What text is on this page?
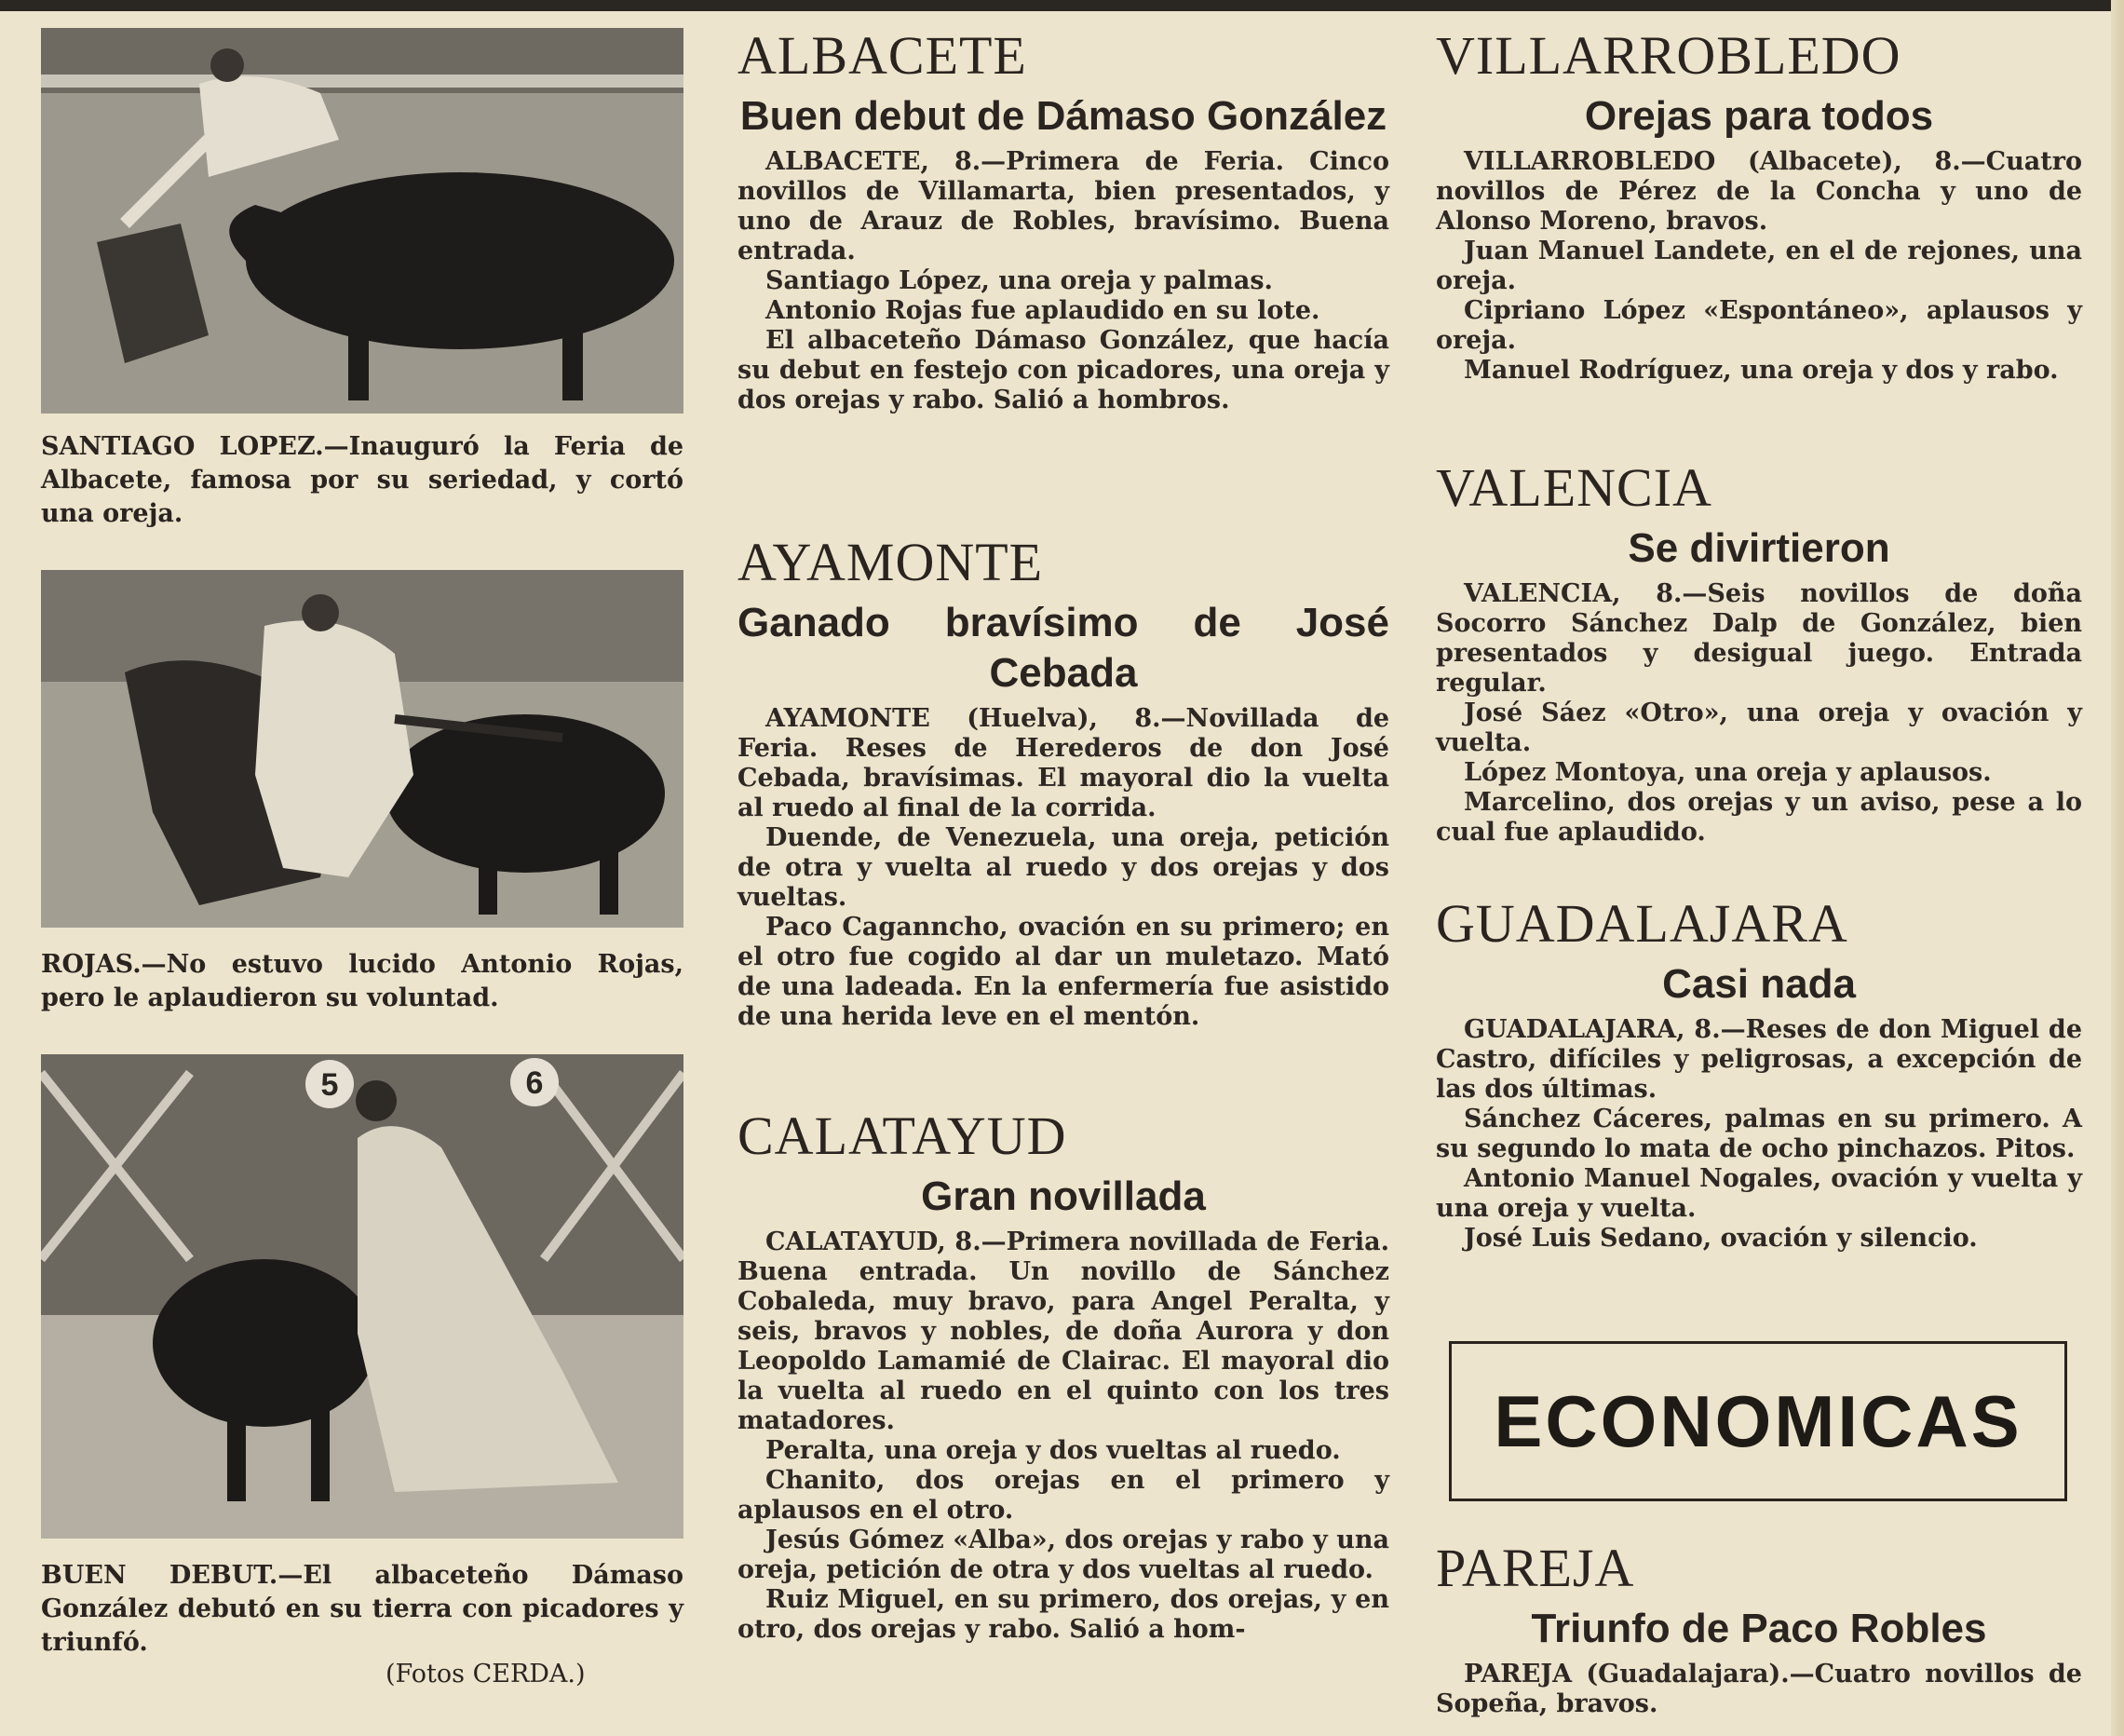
SANTIAGO LOPEZ.—Inauguró la Feria de Albacete, famosa por su seriedad, y cortó una oreja.
ROJAS.—No estuvo lucido Antonio Rojas, pero le aplaudieron su voluntad.
5	6
BUEN DEBUT.—El albaceteño Dámaso González debutó en su tierra con picadores y triunfó.
(Fotos CERDA.)
ALBACETE
Buen debut de Dámaso González

ALBACETE, 8.—Primera de Feria. Cinco novillos de Villamarta, bien presentados, y uno de Arauz de Robles, bravísimo. Buena entrada.

Santiago López, una oreja y palmas.

Antonio Rojas fue aplaudido en su lote.

El albaceteño Dámaso González, que hacía su debut en festejo con picadores, una oreja y dos orejas y rabo. Salió a hombros.

AYAMONTE
Ganado bravísimo de José Cebada

AYAMONTE (Huelva), 8.—Novillada de Feria. Reses de Herederos de don José Cebada, bravísimas. El mayoral dio la vuelta al ruedo al final de la corrida.

Duende, de Venezuela, una oreja, petición de otra y vuelta al ruedo y dos orejas y dos vueltas.

Paco Caganncho, ovación en su primero; en el otro fue cogido al dar un muletazo. Mató de una ladeada. En la enfermería fue asistido de una herida leve en el mentón.

CALATAYUD
Gran novillada

CALATAYUD, 8.—Primera novillada de Feria. Buena entrada. Un novillo de Sánchez Cobaleda, muy bravo, para Angel Peralta, y seis, bravos y nobles, de doña Aurora y don Leopoldo Lamamié de Clairac. El mayoral dio la vuelta al ruedo en el quinto con los tres matadores.

Peralta, una oreja y dos vueltas al ruedo.

Chanito, dos orejas en el primero y aplausos en el otro.

Jesús Gómez «Alba», dos orejas y rabo y una oreja, petición de otra y dos vueltas al ruedo.

Ruiz Miguel, en su primero, dos orejas, y en otro, dos orejas y rabo. Salió a hom-

VILLARROBLEDO
Orejas para todos

VILLARROBLEDO (Albacete), 8.—Cuatro novillos de Pérez de la Concha y uno de Alonso Moreno, bravos.

Juan Manuel Landete, en el de rejones, una oreja.

Cipriano López «Espontáneo», aplausos y oreja.

Manuel Rodríguez, una oreja y dos y rabo.

VALENCIA
Se divirtieron

VALENCIA, 8.—Seis novillos de doña Socorro Sánchez Dalp de González, bien presentados y desigual juego. Entrada regular.

José Sáez «Otro», una oreja y ovación y vuelta.

López Montoya, una oreja y aplausos.

Marcelino, dos orejas y un aviso, pese a lo cual fue aplaudido.

GUADALAJARA
Casi nada

GUADALAJARA, 8.—Reses de don Miguel de Castro, difíciles y peligrosas, a excepción de las dos últimas.

Sánchez Cáceres, palmas en su primero. A su segundo lo mata de ocho pinchazos. Pitos.

Antonio Manuel Nogales, ovación y vuelta y una oreja y vuelta.

José Luis Sedano, ovación y silencio.

PAREJA
Triunfo de Paco Robles

PAREJA (Guadalajara).—Cuatro novillos de Sopeña, bravos.

ECONOMICAS
